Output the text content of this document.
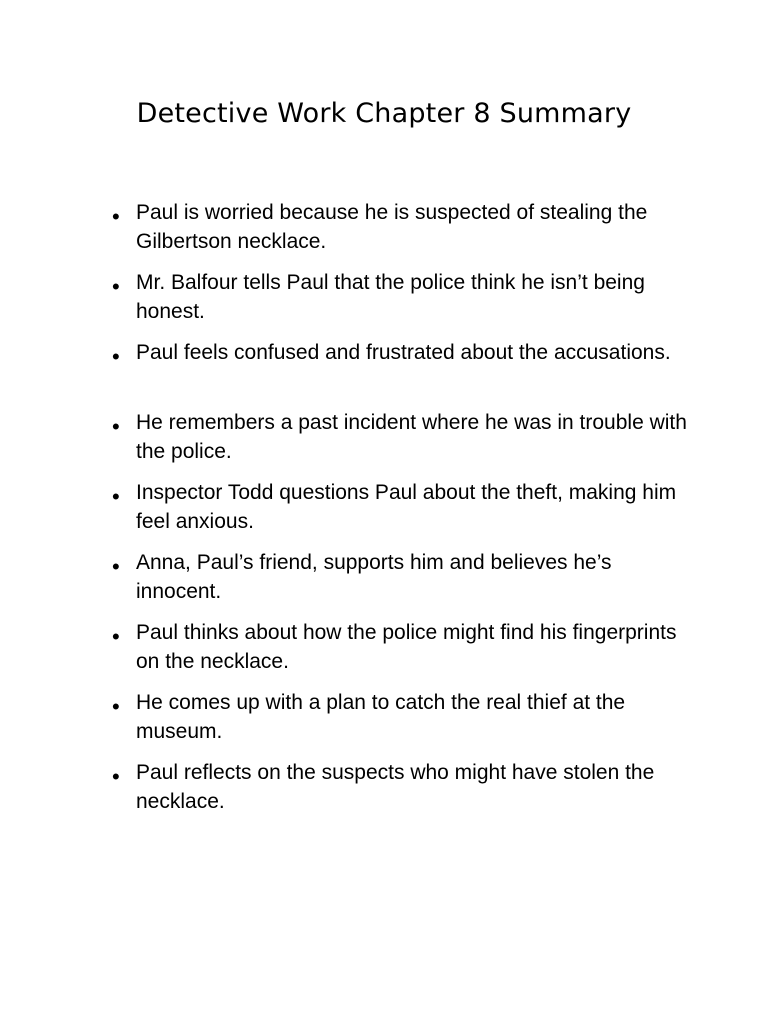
Detective Work Chapter 8 Summary
• Paul is worried because he is suspected of stealing the Gilbertson necklace.
• Mr. Balfour tells Paul that the police think he isn’t being honest.
• Paul feels confused and frustrated about the accusations.
• He remembers a past incident where he was in trouble with the police.
• Inspector Todd questions Paul about the theft, making him feel anxious.
• Anna, Paul’s friend, supports him and believes he’s innocent.
• Paul thinks about how the police might find his fingerprints on the necklace.
• He comes up with a plan to catch the real thief at the museum.
• Paul reflects on the suspects who might have stolen the necklace.
